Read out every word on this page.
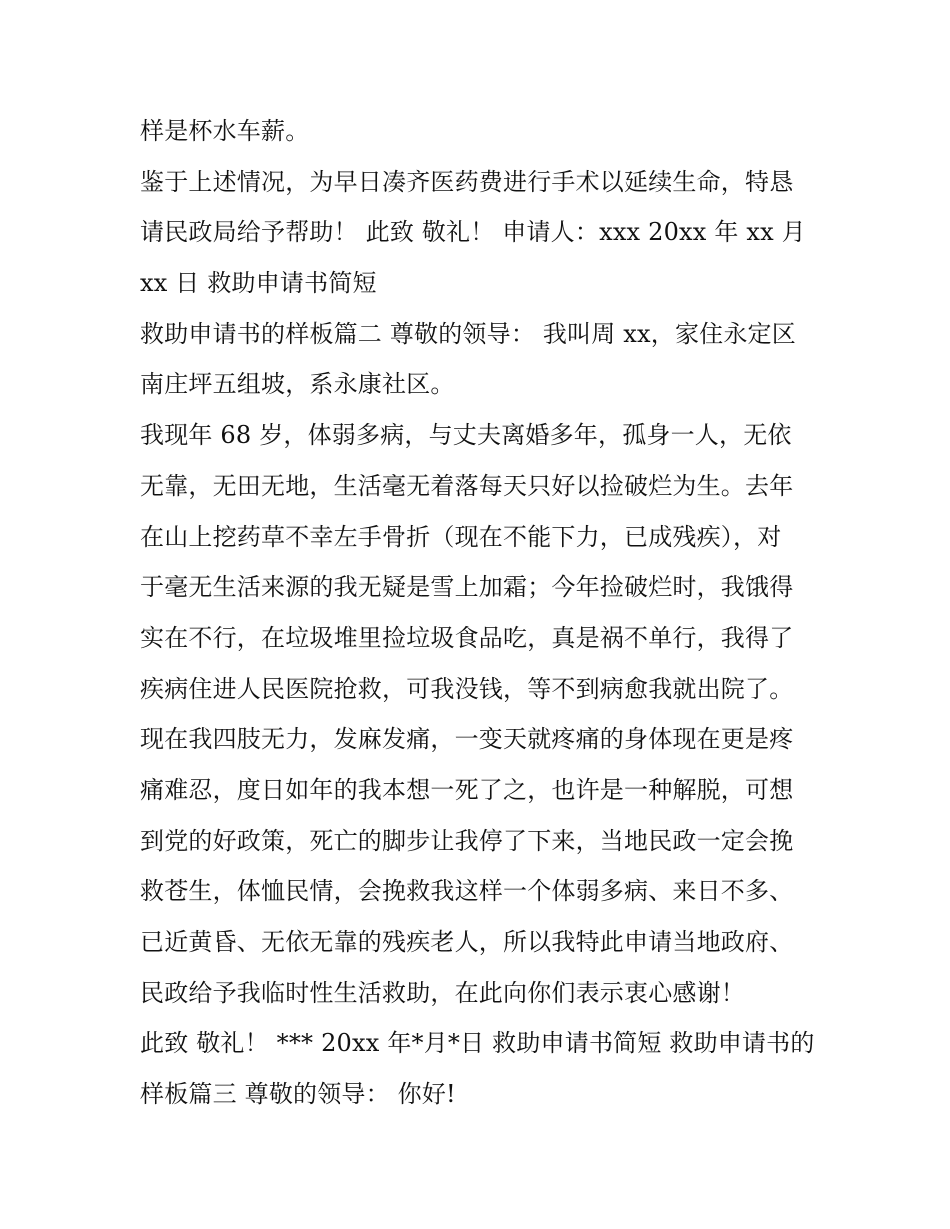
样是杯水车薪。
鉴于上述情况，为早日凑齐医药费进行手术以延续生命，特恳
请民政局给予帮助！ 此致 敬礼！ 申请人：xxx 20xx 年 xx 月
xx 日 救助申请书简短
救助申请书的样板篇二 尊敬的领导： 我叫周 xx，家住永定区
南庄坪五组坡，系永康社区。
我现年 68 岁，体弱多病，与丈夫离婚多年，孤身一人，无依
无靠，无田无地，生活毫无着落每天只好以捡破烂为生。去年
在山上挖药草不幸左手骨折（现在不能下力，已成残疾），对
于毫无生活来源的我无疑是雪上加霜；今年捡破烂时，我饿得
实在不行，在垃圾堆里捡垃圾食品吃，真是祸不单行，我得了
疾病住进人民医院抢救，可我没钱，等不到病愈我就出院了。
现在我四肢无力，发麻发痛，一变天就疼痛的身体现在更是疼
痛难忍，度日如年的我本想一死了之，也许是一种解脱，可想
到党的好政策，死亡的脚步让我停了下来，当地民政一定会挽
救苍生，体恤民情，会挽救我这样一个体弱多病、来日不多、
已近黄昏、无依无靠的残疾老人，所以我特此申请当地政府、
民政给予我临时性生活救助，在此向你们表示衷心感谢！
此致 敬礼！ *** 20xx 年*月*日 救助申请书简短 救助申请书的
样板篇三 尊敬的领导： 你好!
